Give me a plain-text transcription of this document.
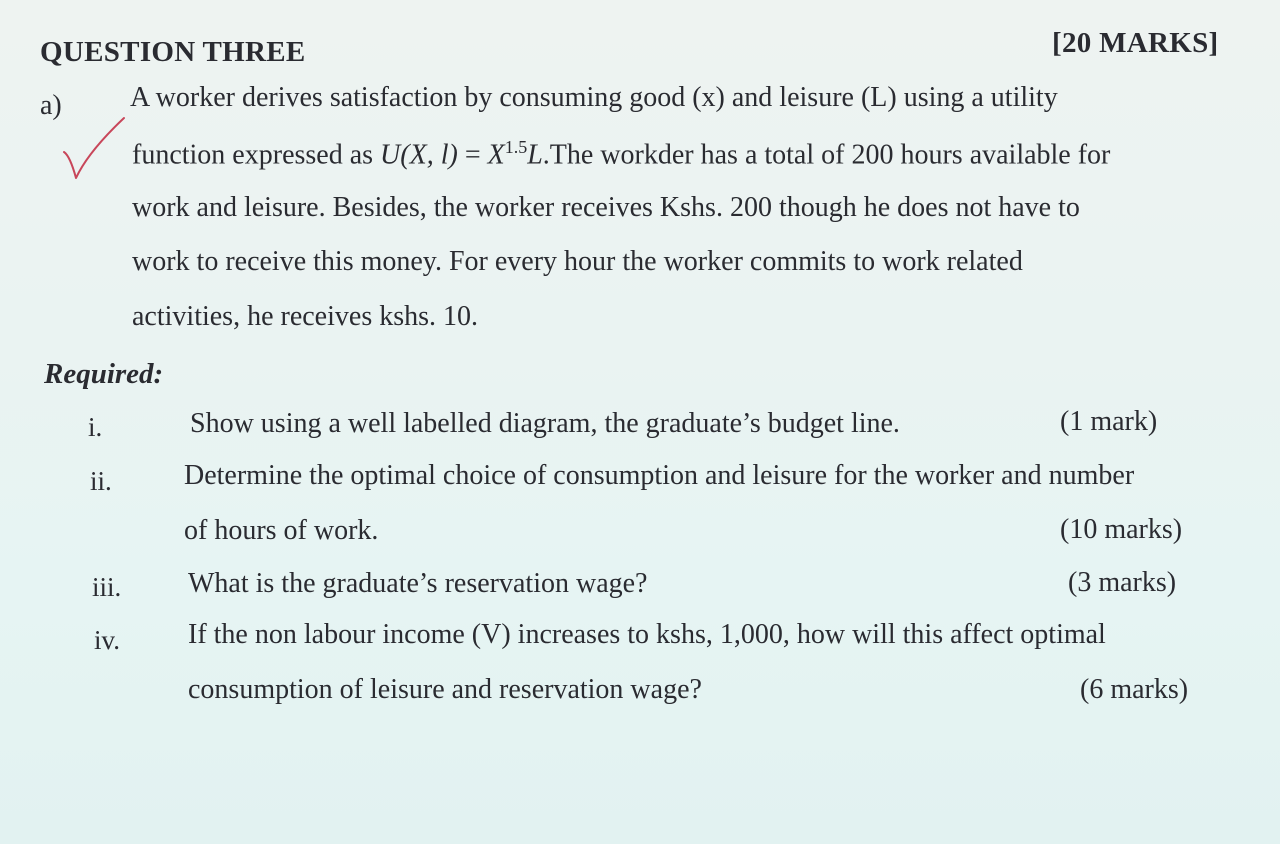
QUESTION THREE	[20 MARKS]
a) A worker derives satisfaction by consuming good (x) and leisure (L) using a utility
function expressed as U(X, $l) = X^{1.5}L.The$ workder has a total of 200 hours available for
work and leisure. Besides, the worker receives Kshs. 200 though he does not have to
work to receive this money. For every hour the worker commits to work related
activities, he receives kshs. 10.
Required:
i.	Show using a well labelled diagram, the graduate’s budget line.	(1 mark)
ii.	Determine the optimal choice of consumption and leisure for the worker and number
of hours of work.	(10 marks)
iii. What is the graduate’s reservation wage?	(3 marks)
iv. If the non labour income (V) increases to kshs, 1,000, how will this affect optimal
consumption of leisure and reservation wage?	(6 marks)
